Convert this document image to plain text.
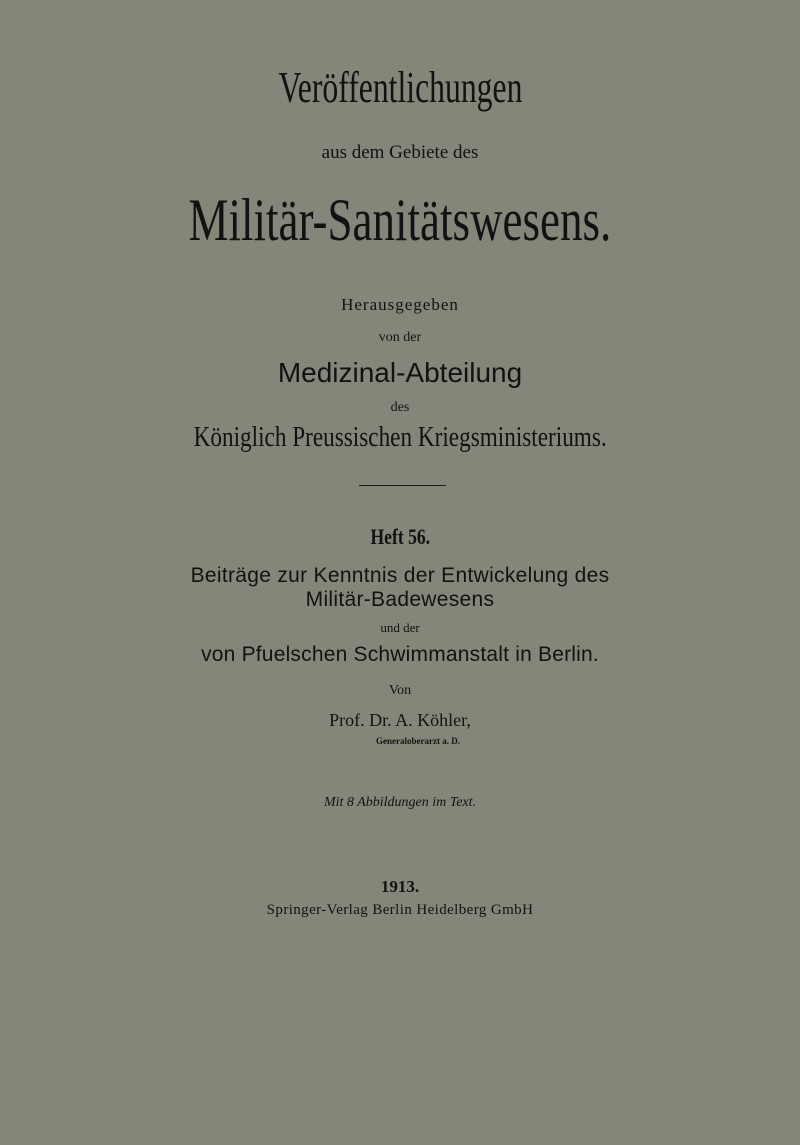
Veröffentlichungen
aus dem Gebiete des
Militär-Sanitätswesens.
Herausgegeben
von der
Medizinal-Abteilung
des
Königlich Preussischen Kriegsministeriums.
Heft 56.
Beiträge zur Kenntnis der Entwickelung des
Militär-Badewesens
und der
von Pfuelschen Schwimmanstalt in Berlin.
Von
Prof. Dr. A. Köhler,
Generaloberarzt a. D.
Mit 8 Abbildungen im Text.
1913.
Springer-Verlag Berlin Heidelberg GmbH
